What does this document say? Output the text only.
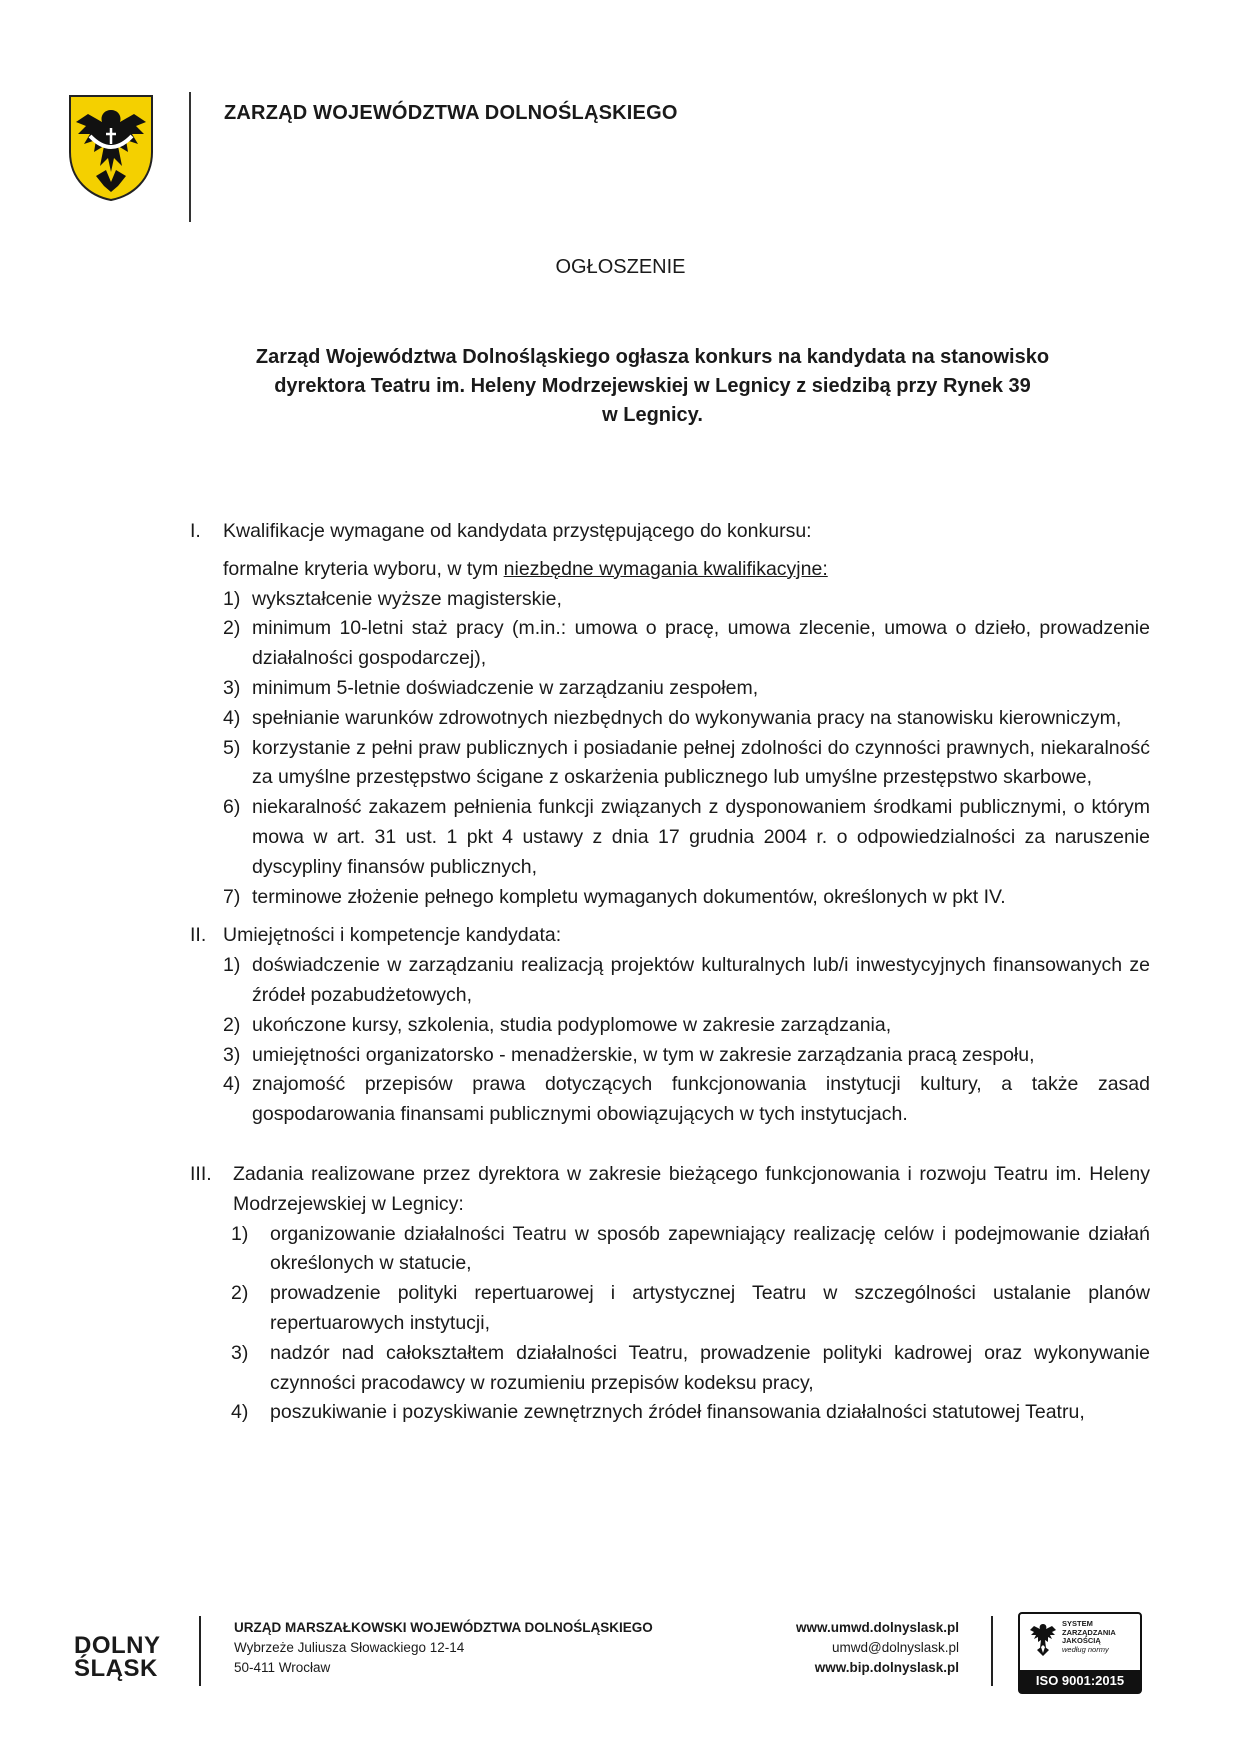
ZARZĄD WOJEWÓDZTWA DOLNOŚLĄSKIEGO
OGŁOSZENIE
Zarząd Województwa Dolnośląskiego ogłasza konkurs na kandydata na stanowisko
dyrektora Teatru im. Heleny Modrzejewskiej w Legnicy z siedzibą przy Rynek 39
w Legnicy.
I. Kwalifikacje wymagane od kandydata przystępującego do konkursu:
formalne kryteria wyboru, w tym niezbędne wymagania kwalifikacyjne:
1) wykształcenie wyższe magisterskie,
2) minimum 10-letni staż pracy (m.in.: umowa o pracę, umowa zlecenie, umowa o dzieło, prowadzenie działalności gospodarczej),
3) minimum 5-letnie doświadczenie w zarządzaniu zespołem,
4) spełnianie warunków zdrowotnych niezbędnych do wykonywania pracy na stanowisku kierowniczym,
5) korzystanie z pełni praw publicznych i posiadanie pełnej zdolności do czynności prawnych, niekaralność za umyślne przestępstwo ścigane z oskarżenia publicznego lub umyślne przestępstwo skarbowe,
6) niekaralność zakazem pełnienia funkcji związanych z dysponowaniem środkami publicznymi, o którym mowa w art. 31 ust. 1 pkt 4 ustawy z dnia 17 grudnia 2004 r. o odpowiedzialności za naruszenie dyscypliny finansów publicznych,
7) terminowe złożenie pełnego kompletu wymaganych dokumentów, określonych w pkt IV.
II. Umiejętności i kompetencje kandydata:
1) doświadczenie w zarządzaniu realizacją projektów kulturalnych lub/i inwestycyjnych finansowanych ze źródeł pozabudżetowych,
2) ukończone kursy, szkolenia, studia podyplomowe w zakresie zarządzania,
3) umiejętności organizatorsko - menadżerskie, w tym w zakresie zarządzania pracą zespołu,
4) znajomość przepisów prawa dotyczących funkcjonowania instytucji kultury, a także zasad gospodarowania finansami publicznymi obowiązujących w tych instytucjach.
III.	Zadania realizowane przez dyrektora w zakresie bieżącego funkcjonowania i rozwoju Teatru im. Heleny Modrzejewskiej w Legnicy:
1) organizowanie działalności Teatru w sposób zapewniający realizację celów i podejmowanie działań określonych w statucie,
2) prowadzenie polityki repertuarowej i artystycznej Teatru w szczególności ustalanie planów repertuarowych instytucji,
3) nadzór nad całokształtem działalności Teatru, prowadzenie polityki kadrowej oraz wykonywanie czynności pracodawcy w rozumieniu przepisów kodeksu pracy,
4) poszukiwanie i pozyskiwanie zewnętrznych źródeł finansowania działalności statutowej Teatru,
DOLNY
ŚLĄSK
URZĄD MARSZAŁKOWSKI WOJEWÓDZTWA DOLNOŚLĄSKIEGO
Wybrzeże Juliusza Słowackiego 12-14
50-411 Wrocław
www.umwd.dolnyslask.pl
umwd@dolnyslask.pl
www.bip.dolnyslask.pl
SYSTEM
ZARZĄDZANIA
JAKOŚCIĄ
według normy
ISO 9001:2015
